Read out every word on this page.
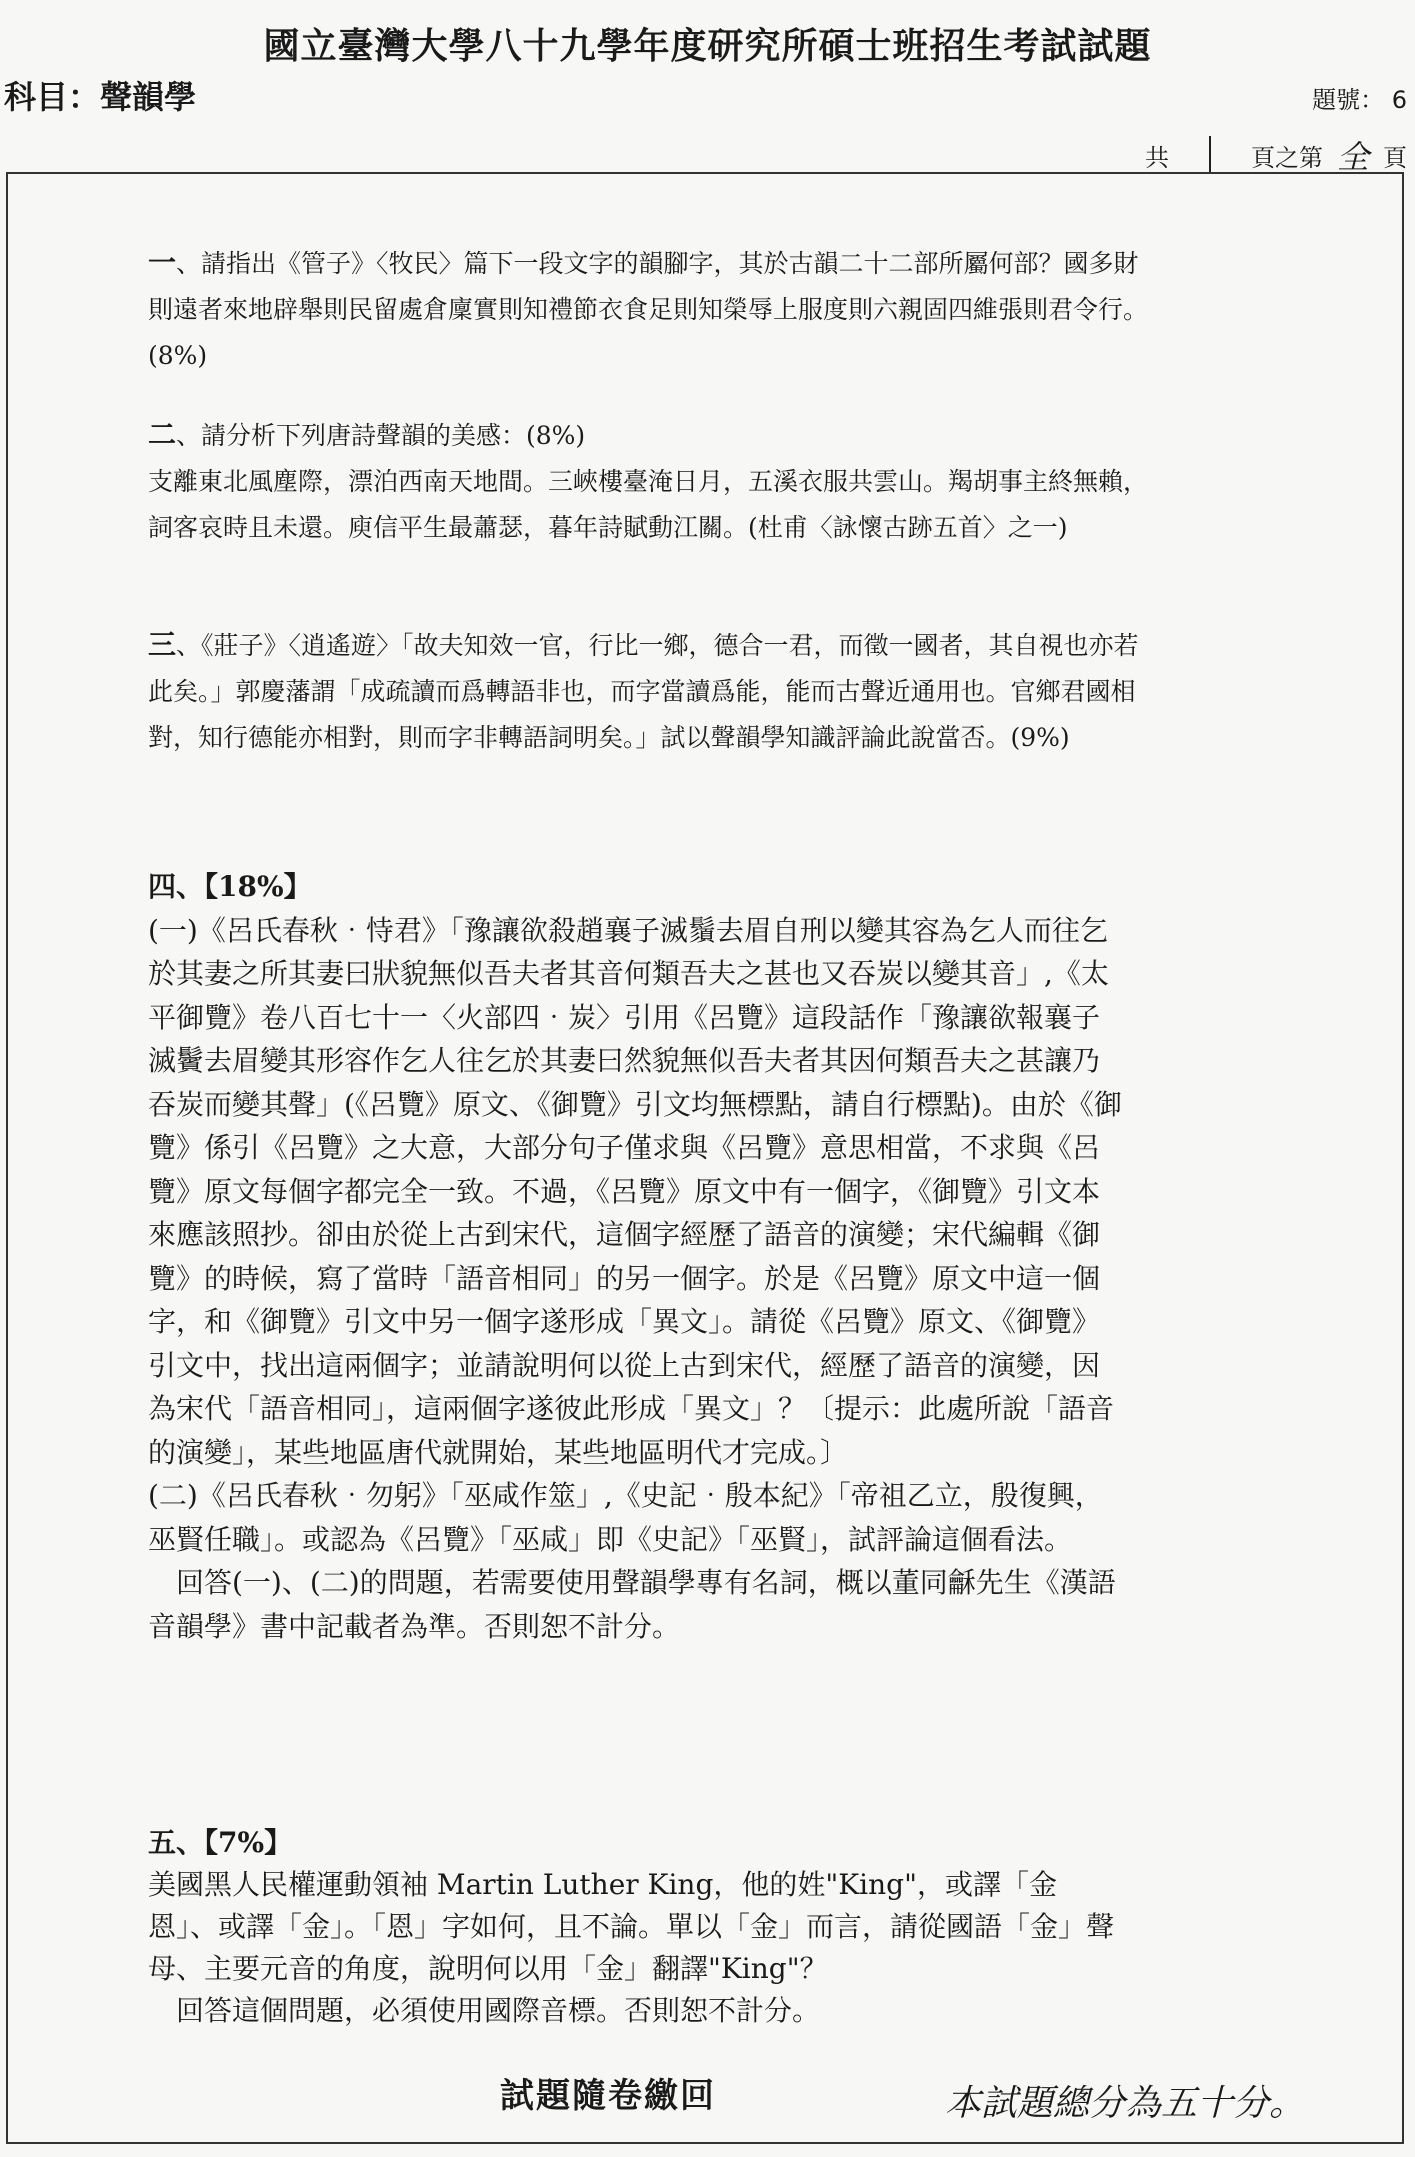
國立臺灣大學八十九學年度研究所碩士班招生考試試題
科目：聲韻學	題號： 6
共	頁之第 全 頁

一、請指出《管子》〈牧民〉篇下一段文字的韻腳字，其於古韻二十二部所屬何部？國多財則遠者來地辟舉則民留處倉廩實則知禮節衣食足則知榮辱上服度則六親固四維張則君令行。(8%)

二、請分析下列唐詩聲韻的美感：(8%)

支離東北風塵際，漂泊西南天地間。三峽樓臺淹日月，五溪衣服共雲山。羯胡事主終無賴，詞客哀時且未還。庾信平生最蕭瑟，暮年詩賦動江關。(杜甫〈詠懷古跡五首〉之一)

三、《莊子》〈逍遙遊〉「故夫知效一官，行比一鄉，德合一君，而徵一國者，其自視也亦若此矣。」郭慶藩謂「成疏讀而爲轉語非也，而字當讀爲能，能而古聲近通用也。官鄉君國相對，知行德能亦相對，則而字非轉語詞明矣。」試以聲韻學知識評論此說當否。(9%)

四、【18%】

(一)《呂氏春秋‧恃君》「豫讓欲殺趙襄子滅鬚去眉自刑以變其容為乞人而往乞於其妻之所其妻曰狀貌無似吾夫者其音何類吾夫之甚也又吞炭以變其音」,《太平御覽》卷八百七十一〈火部四‧炭〉引用《呂覽》這段話作「豫讓欲報襄子滅鬢去眉變其形容作乞人往乞於其妻曰然貌無似吾夫者其因何類吾夫之甚讓乃吞炭而變其聲」(《呂覽》原文、《御覽》引文均無標點，請自行標點)。由於《御覽》係引《呂覽》之大意，大部分句子僅求與《呂覽》意思相當，不求與《呂覽》原文每個字都完全一致。不過，《呂覽》原文中有一個字，《御覽》引文本來應該照抄。卻由於從上古到宋代，這個字經歷了語音的演變；宋代編輯《御覽》的時候，寫了當時「語音相同」的另一個字。於是《呂覽》原文中這一個字，和《御覽》引文中另一個字遂形成「異文」。請從《呂覽》原文、《御覽》引文中，找出這兩個字；並請說明何以從上古到宋代，經歷了語音的演變，因為宋代「語音相同」，這兩個字遂彼此形成「異文」？〔提示：此處所說「語音的演變」，某些地區唐代就開始，某些地區明代才完成。〕

(二)《呂氏春秋‧勿躬》「巫咸作筮」,《史記‧殷本紀》「帝祖乙立，殷復興，巫賢任職」。或認為《呂覽》「巫咸」即《史記》「巫賢」，試評論這個看法。

回答(一)、(二)的問題，若需要使用聲韻學專有名詞，概以董同龢先生《漢語音韻學》書中記載者為準。否則恕不計分。

五、【7%】

美國黑人民權運動領袖 Martin Luther King，他的姓"King"，或譯「金恩」、或譯「金」。「恩」字如何，且不論。單以「金」而言，請從國語「金」聲母、主要元音的角度，說明何以用「金」翻譯"King"？

回答這個問題，必須使用國際音標。否則恕不計分。

試題隨卷繳回	本試題總分為五十分。
